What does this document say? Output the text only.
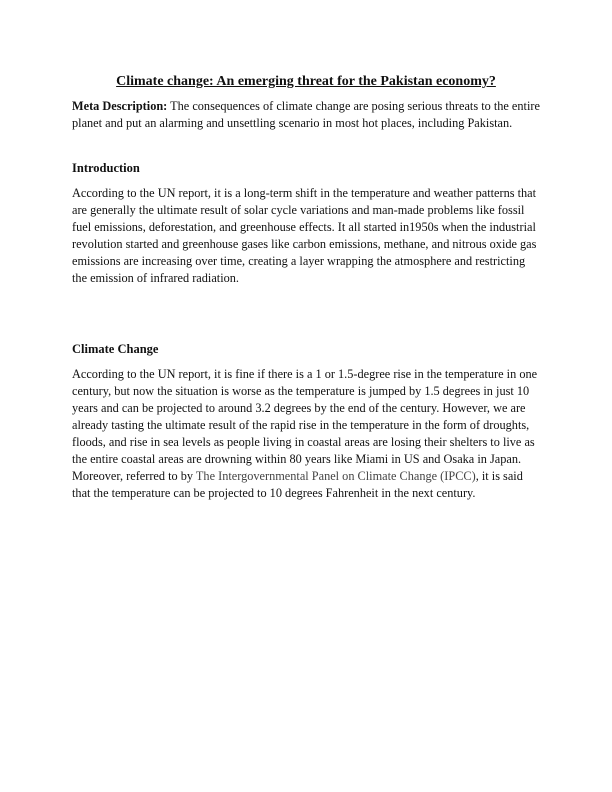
Climate change: An emerging threat for the Pakistan economy?

Meta Description: The consequences of climate change are posing serious threats to the entire planet and put an alarming and unsettling scenario in most hot places, including Pakistan.

Introduction

According to the UN report, it is a long-term shift in the temperature and weather patterns that are generally the ultimate result of solar cycle variations and man-made problems like fossil fuel emissions, deforestation, and greenhouse effects. It all started in1950s when the industrial revolution started and greenhouse gases like carbon emissions, methane, and nitrous oxide gas emissions are increasing over time, creating a layer wrapping the atmosphere and restricting the emission of infrared radiation.

Climate Change

According to the UN report, it is fine if there is a 1 or 1.5-degree rise in the temperature in one century, but now the situation is worse as the temperature is jumped by 1.5 degrees in just 10 years and can be projected to around 3.2 degrees by the end of the century. However, we are already tasting the ultimate result of the rapid rise in the temperature in the form of droughts, floods, and rise in sea levels as people living in coastal areas are losing their shelters to live as the entire coastal areas are drowning within 80 years like Miami in US and Osaka in Japan. Moreover, referred to by The Intergovernmental Panel on Climate Change (IPCC), it is said that the temperature can be projected to 10 degrees Fahrenheit in the next century.
